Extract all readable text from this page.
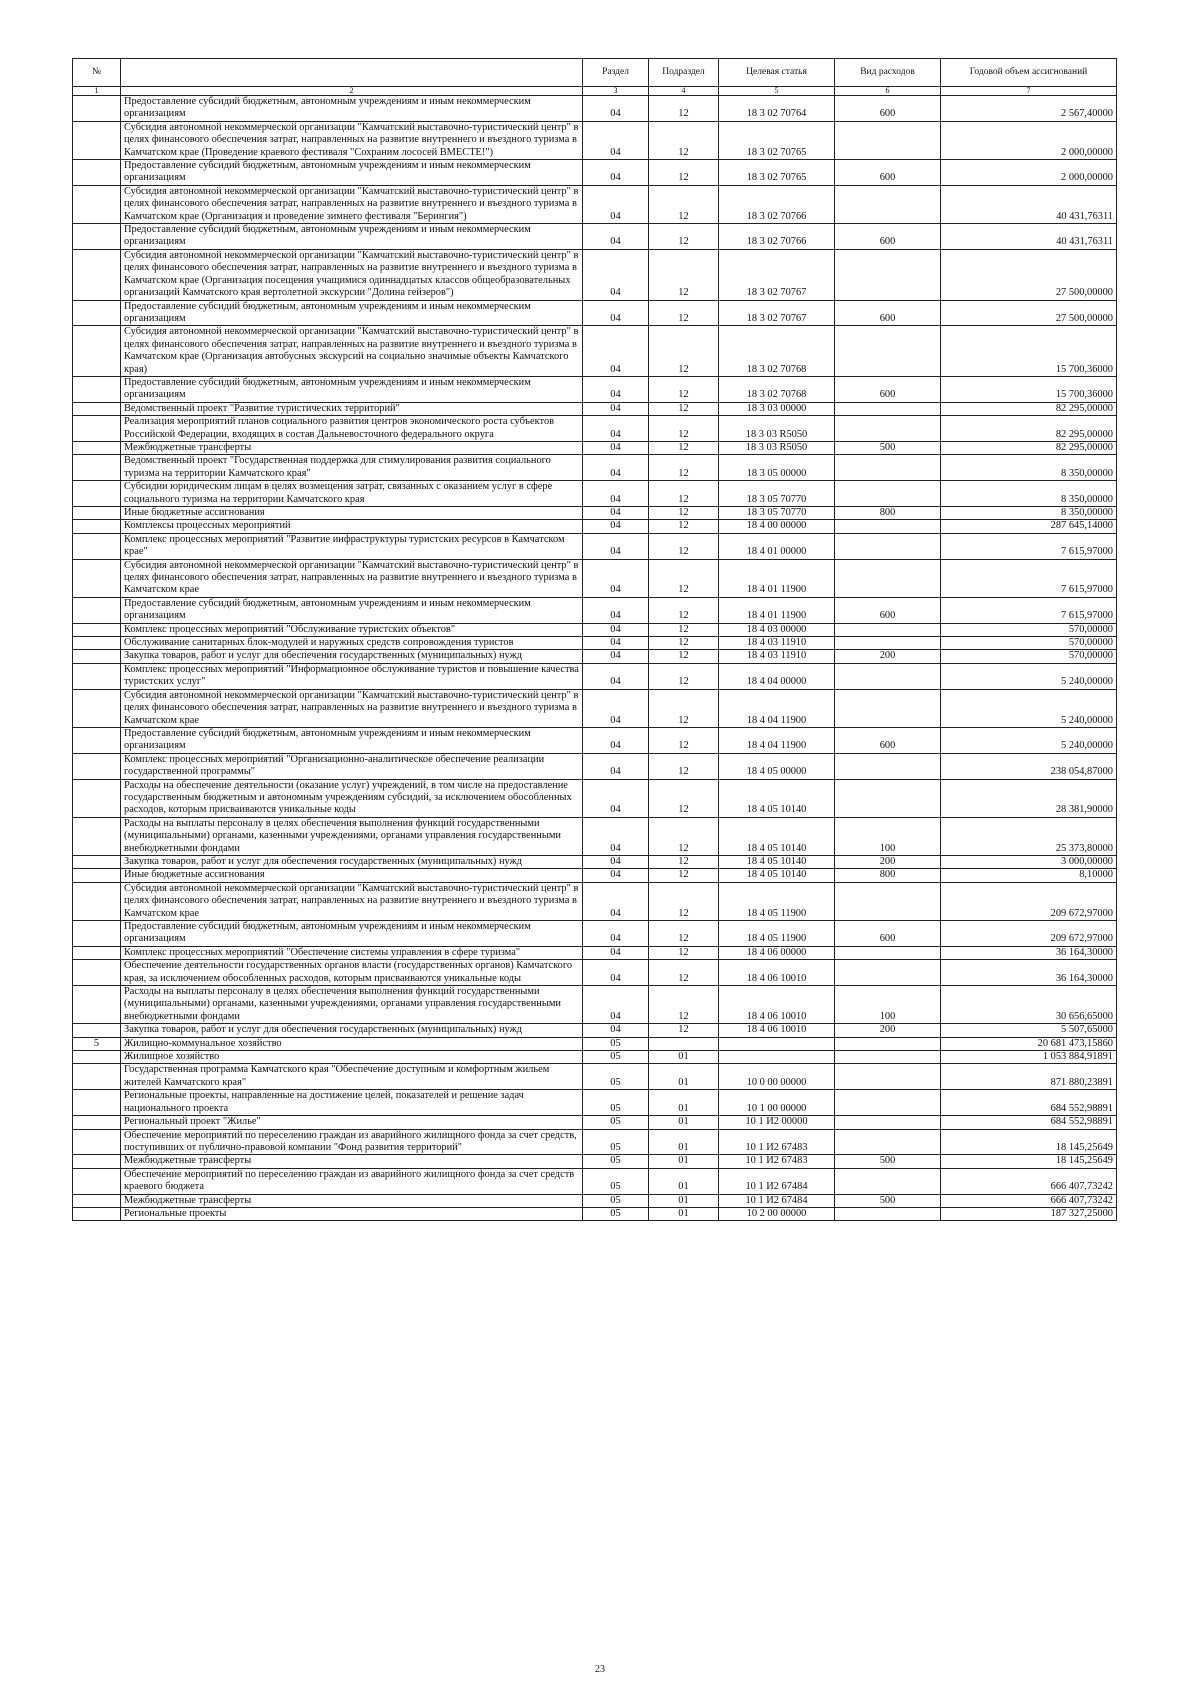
№		Раздел	Подраздел	Целевая статья	Вид расходов	Годовой объем ассигнований
1	2	3	4	5	6	7
	Предоставление субсидий бюджетным, автономным учреждениям и иным некоммерческим организациям	04	12	18 3 02 70764	600	2 567,40000
	Субсидия автономной некоммерческой организации "Камчатский выставочно-туристический центр" в целях финансового обеспечения затрат, направленных на развитие внутреннего и въездного туризма в Камчатском крае (Проведение краевого фестиваля "Сохраним лососей ВМЕСТЕ!")	04	12	18 3 02 70765		2 000,00000
	Предоставление субсидий бюджетным, автономным учреждениям и иным некоммерческим организациям	04	12	18 3 02 70765	600	2 000,00000
	Субсидия автономной некоммерческой организации "Камчатский выставочно-туристический центр" в целях финансового обеспечения затрат, направленных на развитие внутреннего и въездного туризма в Камчатском крае (Организация и проведение зимнего фестиваля "Берингия")	04	12	18 3 02 70766		40 431,76311
	Предоставление субсидий бюджетным, автономным учреждениям и иным некоммерческим организациям	04	12	18 3 02 70766	600	40 431,76311
	Субсидия автономной некоммерческой организации "Камчатский выставочно-туристический центр" в целях финансового обеспечения затрат, направленных на развитие внутреннего и въездного туризма в Камчатском крае (Организация посещения учащимися одиннадцатых классов общеобразовательных организаций Камчатского края вертолетной экскурсии "Долина гейзеров")	04	12	18 3 02 70767		27 500,00000
	Предоставление субсидий бюджетным, автономным учреждениям и иным некоммерческим организациям	04	12	18 3 02 70767	600	27 500,00000
	Субсидия автономной некоммерческой организации "Камчатский выставочно-туристический центр" в целях финансового обеспечения затрат, направленных на развитие внутреннего и въездного туризма в Камчатском крае (Организация автобусных экскурсий на социально значимые объекты Камчатского края)	04	12	18 3 02 70768		15 700,36000
	Предоставление субсидий бюджетным, автономным учреждениям и иным некоммерческим организациям	04	12	18 3 02 70768	600	15 700,36000
	Ведомственный проект "Развитие туристических территорий"	04	12	18 3 03 00000		82 295,00000
	Реализация мероприятий планов социального развития центров экономического роста субъектов Российской Федерации, входящих в состав Дальневосточного федерального округа	04	12	18 3 03 R5050		82 295,00000
	Межбюджетные трансферты	04	12	18 3 03 R5050	500	82 295,00000
	Ведомственный проект "Государственная поддержка для стимулирования развития социального туризма на территории Камчатского края"	04	12	18 3 05 00000		8 350,00000
	Субсидии юридическим лицам в целях возмещения затрат, связанных с оказанием услуг в сфере социального туризма на территории Камчатского края	04	12	18 3 05 70770		8 350,00000
	Иные бюджетные ассигнования	04	12	18 3 05 70770	800	8 350,00000
	Комплексы процессных мероприятий	04	12	18 4 00 00000		287 645,14000
	Комплекс процессных мероприятий "Развитие инфраструктуры туристских ресурсов в Камчатском крае"	04	12	18 4 01 00000		7 615,97000
	Субсидия автономной некоммерческой организации "Камчатский выставочно-туристический центр" в целях финансового обеспечения затрат, направленных на развитие внутреннего и въездного туризма в Камчатском крае	04	12	18 4 01 11900		7 615,97000
	Предоставление субсидий бюджетным, автономным учреждениям и иным некоммерческим организациям	04	12	18 4 01 11900	600	7 615,97000
	Комплекс процессных мероприятий "Обслуживание туристских объектов"	04	12	18 4 03 00000		570,00000
	Обслуживание санитарных блок-модулей и наружных средств сопровождения туристов	04	12	18 4 03 11910		570,00000
	Закупка товаров, работ и услуг для обеспечения государственных (муниципальных) нужд	04	12	18 4 03 11910	200	570,00000
	Комплекс процессных мероприятий "Информационное обслуживание туристов и повышение качества туристских услуг"	04	12	18 4 04 00000		5 240,00000
	Субсидия автономной некоммерческой организации "Камчатский выставочно-туристический центр" в целях финансового обеспечения затрат, направленных на развитие внутреннего и въездного туризма в Камчатском крае	04	12	18 4 04 11900		5 240,00000
	Предоставление субсидий бюджетным, автономным учреждениям и иным некоммерческим организациям	04	12	18 4 04 11900	600	5 240,00000
	Комплекс процессных мероприятий "Организационно-аналитическое обеспечение реализации государственной программы"	04	12	18 4 05 00000		238 054,87000
	Расходы на обеспечение деятельности (оказание услуг) учреждений, в том числе на предоставление государственным бюджетным и автономным учреждениям субсидий, за исключением обособленных расходов, которым присваиваются уникальные коды	04	12	18 4 05 10140		28 381,90000
	Расходы на выплаты персоналу в целях обеспечения выполнения функций государственными (муниципальными) органами, казенными учреждениями, органами управления государственными внебюджетными фондами	04	12	18 4 05 10140	100	25 373,80000
	Закупка товаров, работ и услуг для обеспечения государственных (муниципальных) нужд	04	12	18 4 05 10140	200	3 000,00000
	Иные бюджетные ассигнования	04	12	18 4 05 10140	800	8,10000
	Субсидия автономной некоммерческой организации "Камчатский выставочно-туристический центр" в целях финансового обеспечения затрат, направленных на развитие внутреннего и въездного туризма в Камчатском крае	04	12	18 4 05 11900		209 672,97000
	Предоставление субсидий бюджетным, автономным учреждениям и иным некоммерческим организациям	04	12	18 4 05 11900	600	209 672,97000
	Комплекс процессных мероприятий "Обеспечение системы управления в сфере туризма"	04	12	18 4 06 00000		36 164,30000
	Обеспечение деятельности государственных органов власти (государственных органов) Камчатского края, за исключением обособленных расходов, которым присваиваются уникальные коды	04	12	18 4 06 10010		36 164,30000
	Расходы на выплаты персоналу в целях обеспечения выполнения функций государственными (муниципальными) органами, казенными учреждениями, органами управления государственными внебюджетными фондами	04	12	18 4 06 10010	100	30 656,65000
	Закупка товаров, работ и услуг для обеспечения государственных (муниципальных) нужд	04	12	18 4 06 10010	200	5 507,65000
5	Жилищно-коммунальное хозяйство	05				20 681 473,15860
	Жилищное хозяйство	05	01			1 053 884,91891
	Государственная программа Камчатского края "Обеспечение доступным и комфортным жильем жителей Камчатского края"	05	01	10 0 00 00000		871 880,23891
	Региональные проекты, направленные на достижение целей, показателей и решение задач национального проекта	05	01	10 1 00 00000		684 552,98891
	Региональный проект "Жилье"	05	01	10 1 И2 00000		684 552,98891
	Обеспечение мероприятий по переселению граждан из аварийного жилищного фонда за счет средств, поступивших от публично-правовой компании "Фонд развития территорий"	05	01	10 1 И2 67483		18 145,25649
	Межбюджетные трансферты	05	01	10 1 И2 67483	500	18 145,25649
	Обеспечение мероприятий по переселению граждан из аварийного жилищного фонда за счет средств краевого бюджета	05	01	10 1 И2 67484		666 407,73242
	Межбюджетные трансферты	05	01	10 1 И2 67484	500	666 407,73242
	Региональные проекты	05	01	10 2 00 00000		187 327,25000
23
